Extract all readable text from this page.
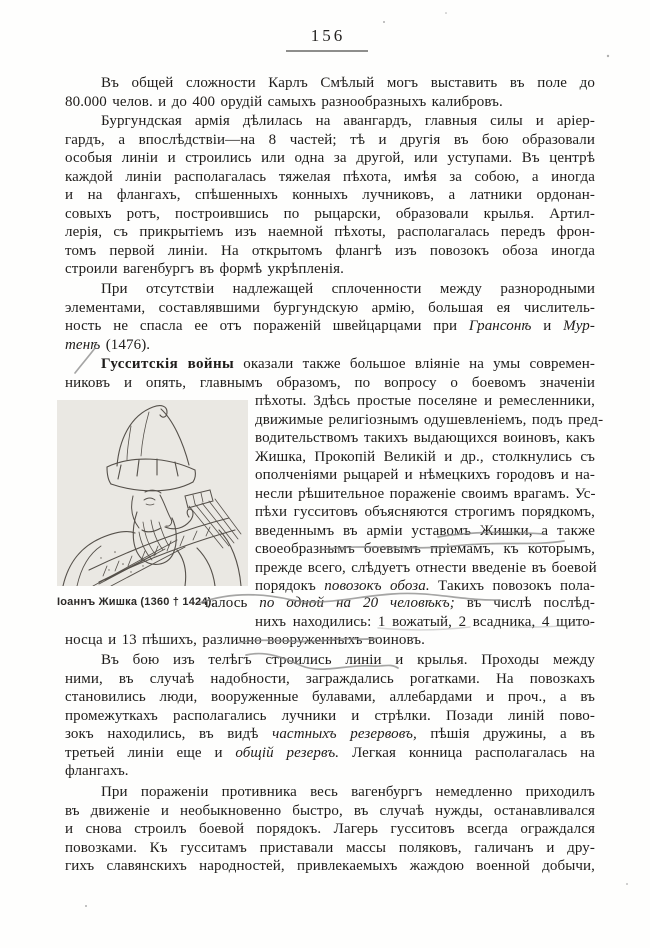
156
Въ общей сложности Карлъ Смѣлый могъ выставить въ поле до
80.000 челов. и до 400 орудій самыхъ разнообразныхъ калибровъ.
Бургундская армія дѣлилась на авангардъ, главныя силы и аріер-
гардъ, а впослѣдствіи—на 8 частей; тѣ и другія въ бою образовали
особыя линіи и строились или одна за другой, или уступами. Въ центрѣ
каждой линіи располагалась тяжелая пѣхота, имѣя за собою, а иногда
и на флангахъ, спѣшенныхъ конныхъ лучниковъ, а латники ордонан-
совыхъ ротъ, построившись по рыцарски, образовали крылья. Артил-
лерія, съ прикрытіемъ изъ наемной пѣхоты, располагалась передъ фрон-
томъ первой линіи. На открытомъ флангѣ изъ повозокъ обоза иногда
строили вагенбургъ въ формѣ укрѣпленія.
При отсутствіи надлежащей сплоченности между разнородными
элементами, составлявшими бургундскую армію, большая ея числитель-
ность не спасла ее отъ пораженій швейцарцами при Грансонѣ и Мур-
тенѣ (1476).
Гусситскія войны оказали также большое вліяніе на умы современ-
никовъ и опять, главнымъ образомъ, по вопросу о боевомъ значеніи
пѣхоты. Здѣсь простые поселяне и ремесленники,
движимые религіознымъ одушевленіемъ, подъ пред-
водительствомъ такихъ выдающихся воиновъ, какъ
Жишка, Прокопій Великій и др., столкнулись съ
ополченіями рыцарей и нѣмецкихъ городовъ и на-
несли рѣшительное пораженіе своимъ врагамъ. Ус-
пѣхи гусситовъ объясняются строгимъ порядкомъ,
введеннымъ въ арміи уставомъ Жишки, а также
своеобразнымъ боевымъ пріемамъ, къ которымъ,
прежде всего, слѣдуетъ отнести введеніе въ боевой
порядокъ повозокъ обоза. Такихъ повозокъ пола-
галось по одной на 20 человѣкъ; въ числѣ послѣд-
нихъ находились: 1 вожатый, 2 всадника, 4 щито-
носца и 13 пѣшихъ, различно вооруженныхъ воиновъ.
Въ бою изъ телѣгъ строились линіи и крылья. Проходы между
ними, въ случаѣ надобности, заграждались рогатками. На повозкахъ
становились люди, вооруженные булавами, аллебардами и проч., а въ
промежуткахъ располагались лучники и стрѣлки. Позади линій пово-
зокъ находились, въ видѣ частныхъ резервовъ, пѣшія дружины, а въ
третьей линіи еще и общій резервъ. Легкая конница располагалась на
флангахъ.
При пораженіи противника весь вагенбургъ немедленно приходилъ
въ движеніе и необыкновенно быстро, въ случаѣ нужды, останавливался
и снова строилъ боевой порядокъ. Лагерь гусситовъ всегда ограждался
повозками. Къ гусситамъ приставали массы поляковъ, галичанъ и дру-
гихъ славянскихъ народностей, привлекаемыхъ жаждою военной добычи,
Іоаннъ Жишка (1360 † 1424).
